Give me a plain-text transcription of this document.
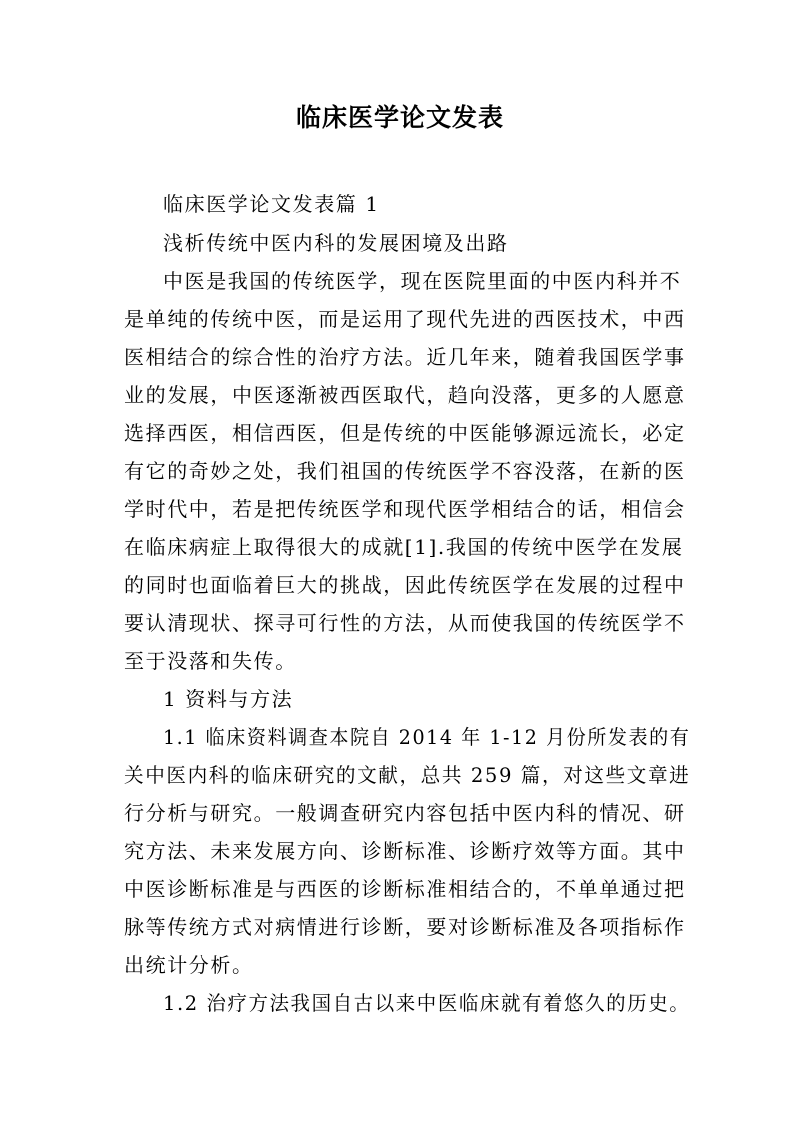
临床医学论文发表
临床医学论文发表篇 1
浅析传统中医内科的发展困境及出路
中医是我国的传统医学，现在医院里面的中医内科并不
是单纯的传统中医，而是运用了现代先进的西医技术，中西
医相结合的综合性的治疗方法。近几年来，随着我国医学事
业的发展，中医逐渐被西医取代，趋向没落，更多的人愿意
选择西医，相信西医，但是传统的中医能够源远流长，必定
有它的奇妙之处，我们祖国的传统医学不容没落，在新的医
学时代中，若是把传统医学和现代医学相结合的话，相信会
在临床病症上取得很大的成就[1].我国的传统中医学在发展
的同时也面临着巨大的挑战，因此传统医学在发展的过程中
要认清现状、探寻可行性的方法，从而使我国的传统医学不
至于没落和失传。
1 资料与方法
1.1 临床资料调查本院自 2014 年 1-12 月份所发表的有
关中医内科的临床研究的文献，总共 259 篇，对这些文章进
行分析与研究。一般调查研究内容包括中医内科的情况、研
究方法、未来发展方向、诊断标准、诊断疗效等方面。其中
中医诊断标准是与西医的诊断标准相结合的，不单单通过把
脉等传统方式对病情进行诊断，要对诊断标准及各项指标作
出统计分析。
1.2 治疗方法我国自古以来中医临床就有着悠久的历史。
